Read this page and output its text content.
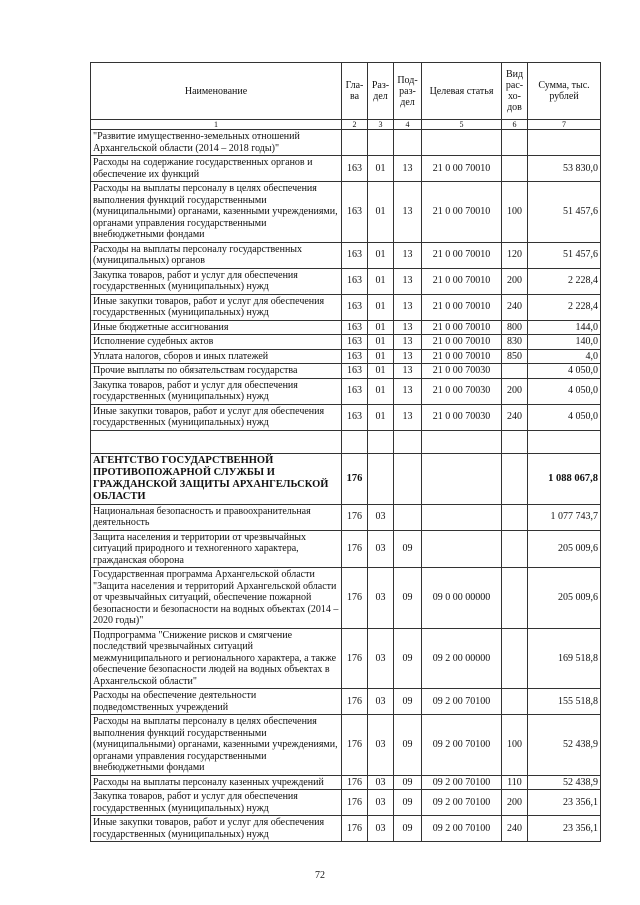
Наименование	Гла-ва	Раз-дел	Под-раз-дел	Целевая статья	Вид рас-хо-дов	Сумма, тыс. рублей
1	2	3	4	5	6	7
"Развитие имущественно-земельных отношений Архангельской области (2014 – 2018 годы)"						
Расходы на содержание государственных органов и обеспечение их функций	163	01	13	21 0 00 70010		53 830,0
Расходы на выплаты персоналу в целях обеспечения выполнения функций государственными (муниципальными) органами, казенными учреждениями, органами управления государственными внебюджетными фондами	163	01	13	21 0 00 70010	100	51 457,6
Расходы на выплаты персоналу государственных (муниципальных) органов	163	01	13	21 0 00 70010	120	51 457,6
Закупка товаров, работ и услуг для обеспечения государственных (муниципальных) нужд	163	01	13	21 0 00 70010	200	2 228,4
Иные закупки товаров, работ и услуг для обеспечения государственных (муниципальных) нужд	163	01	13	21 0 00 70010	240	2 228,4
Иные бюджетные ассигнования	163	01	13	21 0 00 70010	800	144,0
Исполнение судебных актов	163	01	13	21 0 00 70010	830	140,0
Уплата налогов, сборов и иных платежей	163	01	13	21 0 00 70010	850	4,0
Прочие выплаты по обязательствам государства	163	01	13	21 0 00 70030		4 050,0
Закупка товаров, работ и услуг для обеспечения государственных (муниципальных) нужд	163	01	13	21 0 00 70030	200	4 050,0
Иные закупки товаров, работ и услуг для обеспечения государственных (муниципальных) нужд	163	01	13	21 0 00 70030	240	4 050,0

АГЕНТСТВО ГОСУДАРСТВЕННОЙ ПРОТИВОПОЖАРНОЙ СЛУЖБЫ И ГРАЖДАНСКОЙ ЗАЩИТЫ АРХАНГЕЛЬСКОЙ ОБЛАСТИ	176					1 088 067,8
Национальная безопасность и правоохранительная деятельность	176	03				1 077 743,7
Защита населения и территории от чрезвычайных ситуаций природного и техногенного характера, гражданская оборона	176	03	09			205 009,6
Государственная программа Архангельской области "Защита населения и территорий Архангельской области от чрезвычайных ситуаций, обеспечение пожарной безопасности и безопасности на водных объектах (2014 – 2020 годы)"	176	03	09	09 0 00 00000		205 009,6
Подпрограмма "Снижение рисков и смягчение последствий чрезвычайных ситуаций межмуниципального и регионального характера, а также обеспечение безопасности людей на водных объектах в Архангельской области"	176	03	09	09 2 00 00000		169 518,8
Расходы на обеспечение деятельности подведомственных учреждений	176	03	09	09 2 00 70100		155 518,8
Расходы на выплаты персоналу в целях обеспечения выполнения функций государственными (муниципальными) органами, казенными учреждениями, органами управления государственными внебюджетными фондами	176	03	09	09 2 00 70100	100	52 438,9
Расходы на выплаты персоналу казенных учреждений	176	03	09	09 2 00 70100	110	52 438,9
Закупка товаров, работ и услуг для обеспечения государственных (муниципальных) нужд	176	03	09	09 2 00 70100	200	23 356,1
Иные закупки товаров, работ и услуг для обеспечения государственных (муниципальных) нужд	176	03	09	09 2 00 70100	240	23 356,1
72
